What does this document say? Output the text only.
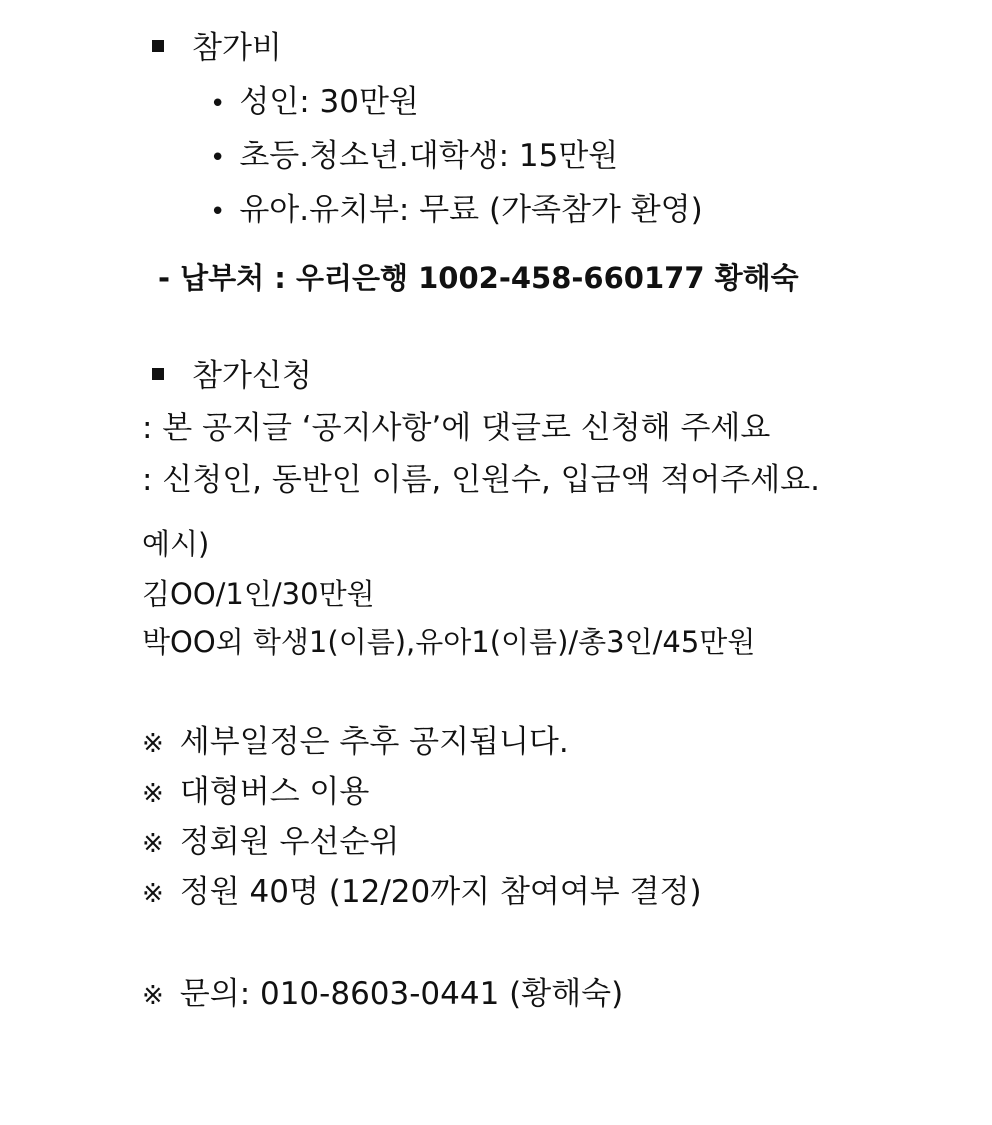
참가비
• 성인: 30만원
• 초등.청소년.대학생: 15만원
• 유아.유치부: 무료 (가족참가 환영)
- 납부처 : 우리은행 1002-458-660177 황해숙
참가신청
: 본 공지글 ‘공지사항’에 댓글로 신청해 주세요
: 신청인, 동반인 이름, 인원수, 입금액 적어주세요.
예시)
김OO/1인/30만원
박OO외 학생1(이름),유아1(이름)/총3인/45만원
※ 세부일정은 추후 공지됩니다.
※ 대형버스 이용
※ 정회원 우선순위
※ 정원 40명 (12/20까지 참여여부 결정)
※ 문의: 010-8603-0441 (황해숙)
